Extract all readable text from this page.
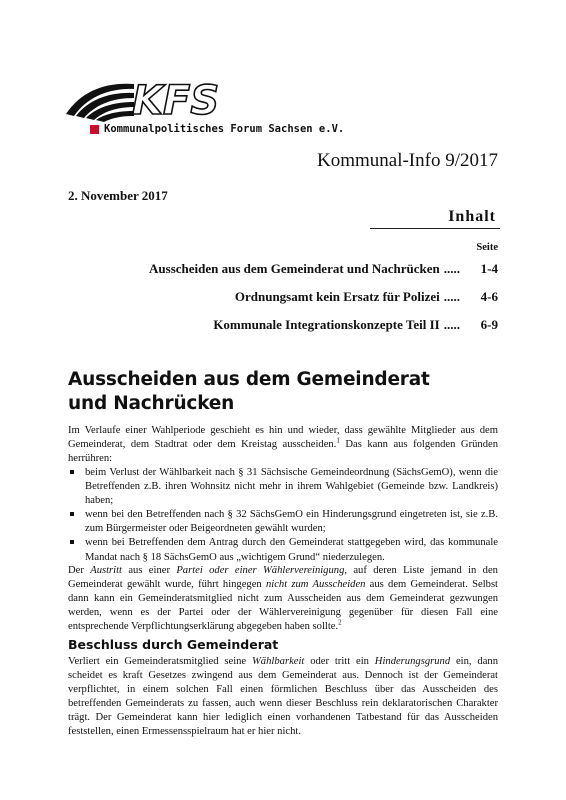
KFS
Kommunalpolitisches Forum Sachsen e.V.
Kommunal-Info 9/2017
2. November 2017
Inhalt
Seite
Ausscheiden aus dem Gemeinderat und Nachrücken .....	1-4
Ordnungsamt kein Ersatz für Polizei .....	4-6
Kommunale Integrationskonzepte Teil II .....	6-9
Ausscheiden aus dem Gemeinderat
und Nachrücken
Im Verlaufe einer Wahlperiode geschieht es hin und wieder, dass gewählte Mitglieder aus dem Gemeinderat, dem Stadtrat oder dem Kreistag ausscheiden.$^1$ Das kann aus folgenden Gründen herrühren:
beim Verlust der Wählbarkeit nach § 31 Sächsische Gemeindeordnung (SächsGemO), wenn die Betreffenden z.B. ihren Wohnsitz nicht mehr in ihrem Wahlgebiet (Gemeinde bzw. Landkreis) haben;
wenn bei den Betreffenden nach § 32 SächsGemO ein Hinderungsgrund eingetreten ist, sie z.B. zum Bürgermeister oder Beigeordneten gewählt wurden;
wenn bei Betreffenden dem Antrag durch den Gemeinderat stattgegeben wird, das kommunale Mandat nach § 18 SächsGemO aus „wichtigem Grund“ niederzulegen.
Der Austritt aus einer Partei oder einer Wählervereinigung, auf deren Liste jemand in den Gemeinderat gewählt wurde, führt hingegen nicht zum Ausscheiden aus dem Gemeinderat. Selbst dann kann ein Gemeinderatsmitglied nicht zum Ausscheiden aus dem Gemeinderat gezwungen werden, wenn es der Partei oder der Wählervereinigung gegenüber für diesen Fall eine entsprechende Verpflichtungserklärung abgegeben haben sollte.$^2$
Beschluss durch Gemeinderat
Verliert ein Gemeinderatsmitglied seine Wählbarkeit oder tritt ein Hinderungsgrund ein, dann scheidet es kraft Gesetzes zwingend aus dem Gemeinderat aus. Dennoch ist der Gemeinderat verpflichtet, in einem solchen Fall einen förmlichen Beschluss über das Ausscheiden des betreffenden Gemeinderats zu fassen, auch wenn dieser Beschluss rein deklaratorischen Charakter trägt. Der Gemeinderat kann hier lediglich einen vorhandenen Tatbestand für das Ausscheiden feststellen, einen Ermessensspielraum hat er hier nicht.
